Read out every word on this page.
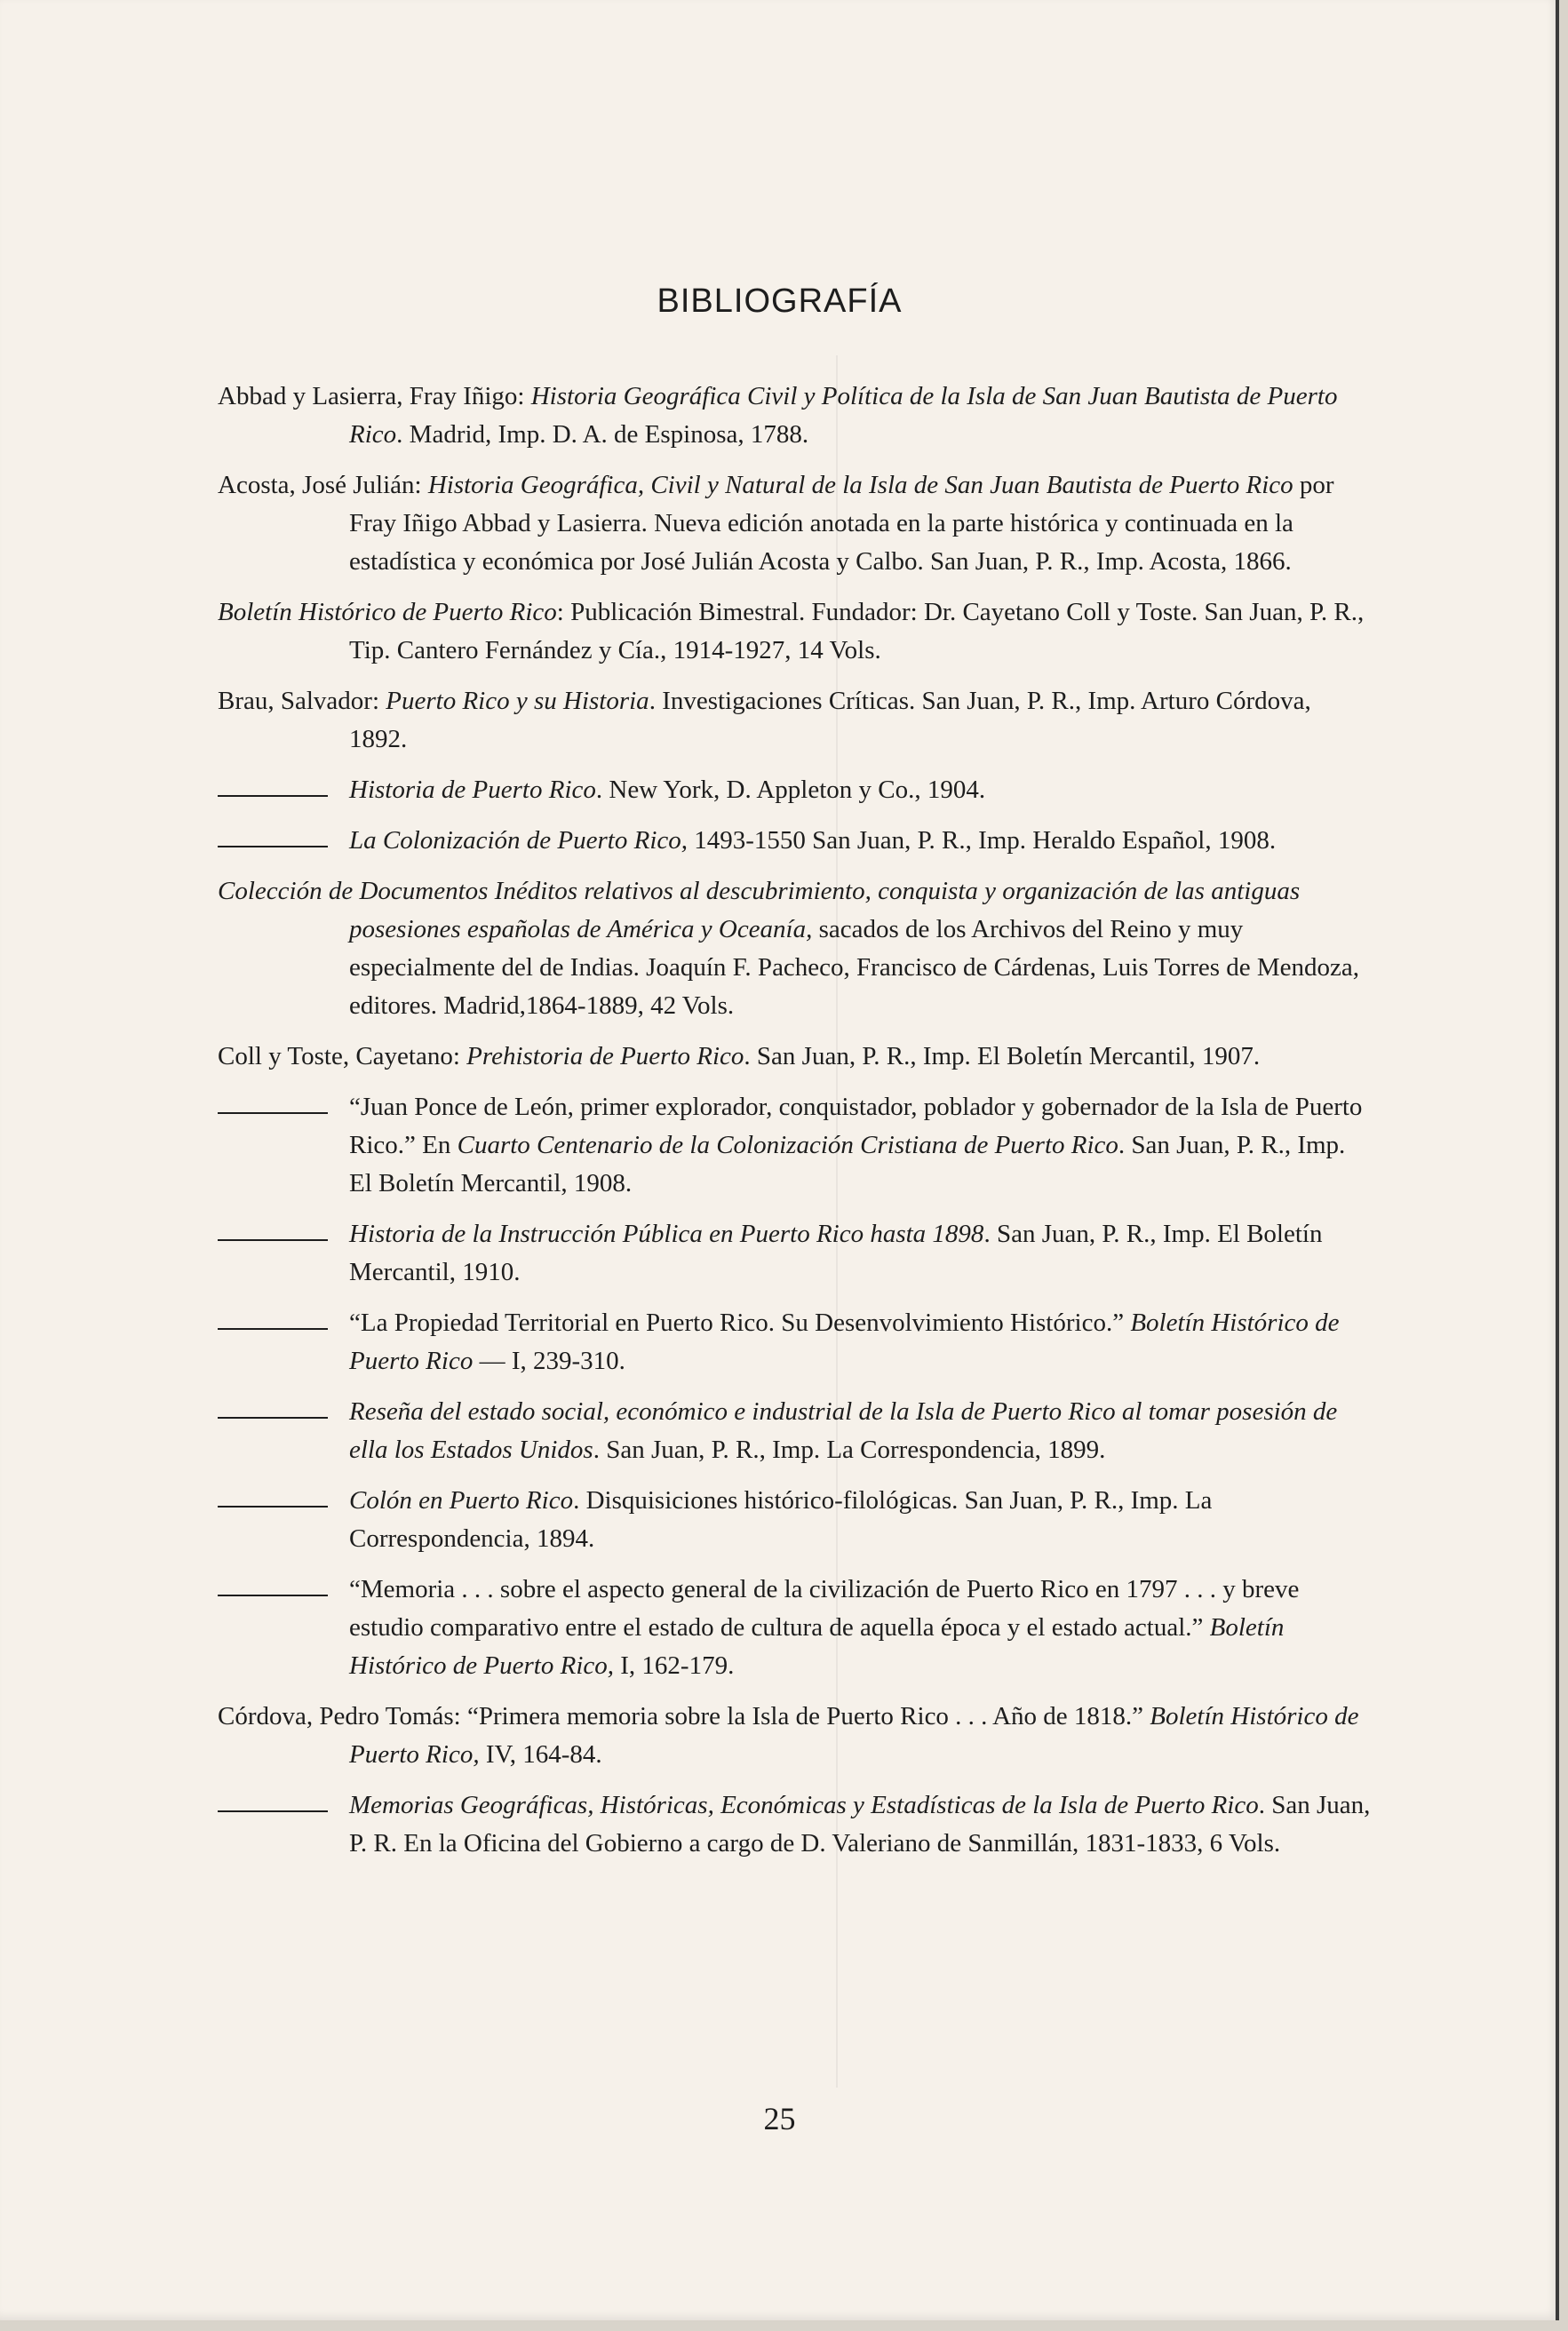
BIBLIOGRAFÍA

Abbad y Lasierra, Fray Iñigo: Historia Geográfica Civil y Política de la Isla de San Juan Bautista de Puerto Rico. Madrid, Imp. D. A. de Espinosa, 1788.

Acosta, José Julián: Historia Geográfica, Civil y Natural de la Isla de San Juan Bautista de Puerto Rico por Fray Iñigo Abbad y Lasierra. Nueva edición anotada en la parte histórica y continuada en la estadística y económica por José Julián Acosta y Calbo. San Juan, P. R., Imp. Acosta, 1866.

Boletín Histórico de Puerto Rico: Publicación Bimestral. Fundador: Dr. Cayetano Coll y Toste. San Juan, P. R., Tip. Cantero Fernández y Cía., 1914-1927, 14 Vols.

Brau, Salvador: Puerto Rico y su Historia. Investigaciones Críticas. San Juan, P. R., Imp. Arturo Córdova, 1892.

Historia de Puerto Rico. New York, D. Appleton y Co., 1904.

La Colonización de Puerto Rico, 1493-1550 San Juan, P. R., Imp. Heraldo Español, 1908.

Colección de Documentos Inéditos relativos al descubrimiento, conquista y organización de las antiguas posesiones españolas de América y Oceanía, sacados de los Archivos del Reino y muy especialmente del de Indias. Joaquín F. Pacheco, Francisco de Cárdenas, Luis Torres de Mendoza, editores. Madrid,1864-1889, 42 Vols.

Coll y Toste, Cayetano: Prehistoria de Puerto Rico. San Juan, P. R., Imp. El Boletín Mercantil, 1907.

“Juan Ponce de León, primer explorador, conquistador, poblador y gobernador de la Isla de Puerto Rico.” En Cuarto Centenario de la Colonización Cristiana de Puerto Rico. San Juan, P. R., Imp. El Boletín Mercantil, 1908.

Historia de la Instrucción Pública en Puerto Rico hasta 1898. San Juan, P. R., Imp. El Boletín Mercantil, 1910.

“La Propiedad Territorial en Puerto Rico. Su Desenvolvimiento Histórico.” Boletín Histórico de Puerto Rico — I, 239-310.

Reseña del estado social, económico e industrial de la Isla de Puerto Rico al tomar posesión de ella los Estados Unidos. San Juan, P. R., Imp. La Correspondencia, 1899.

Colón en Puerto Rico. Disquisiciones histórico-filológicas. San Juan, P. R., Imp. La Correspondencia, 1894.

“Memoria . . . sobre el aspecto general de la civilización de Puerto Rico en 1797 . . . y breve estudio comparativo entre el estado de cultura de aquella época y el estado actual.” Boletín Histórico de Puerto Rico, I, 162-179.

Córdova, Pedro Tomás: “Primera memoria sobre la Isla de Puerto Rico . . . Año de 1818.” Boletín Histórico de Puerto Rico, IV, 164-84.

Memorias Geográficas, Históricas, Económicas y Estadísticas de la Isla de Puerto Rico. San Juan, P. R. En la Oficina del Gobierno a cargo de D. Valeriano de Sanmillán, 1831-1833, 6 Vols.

25
